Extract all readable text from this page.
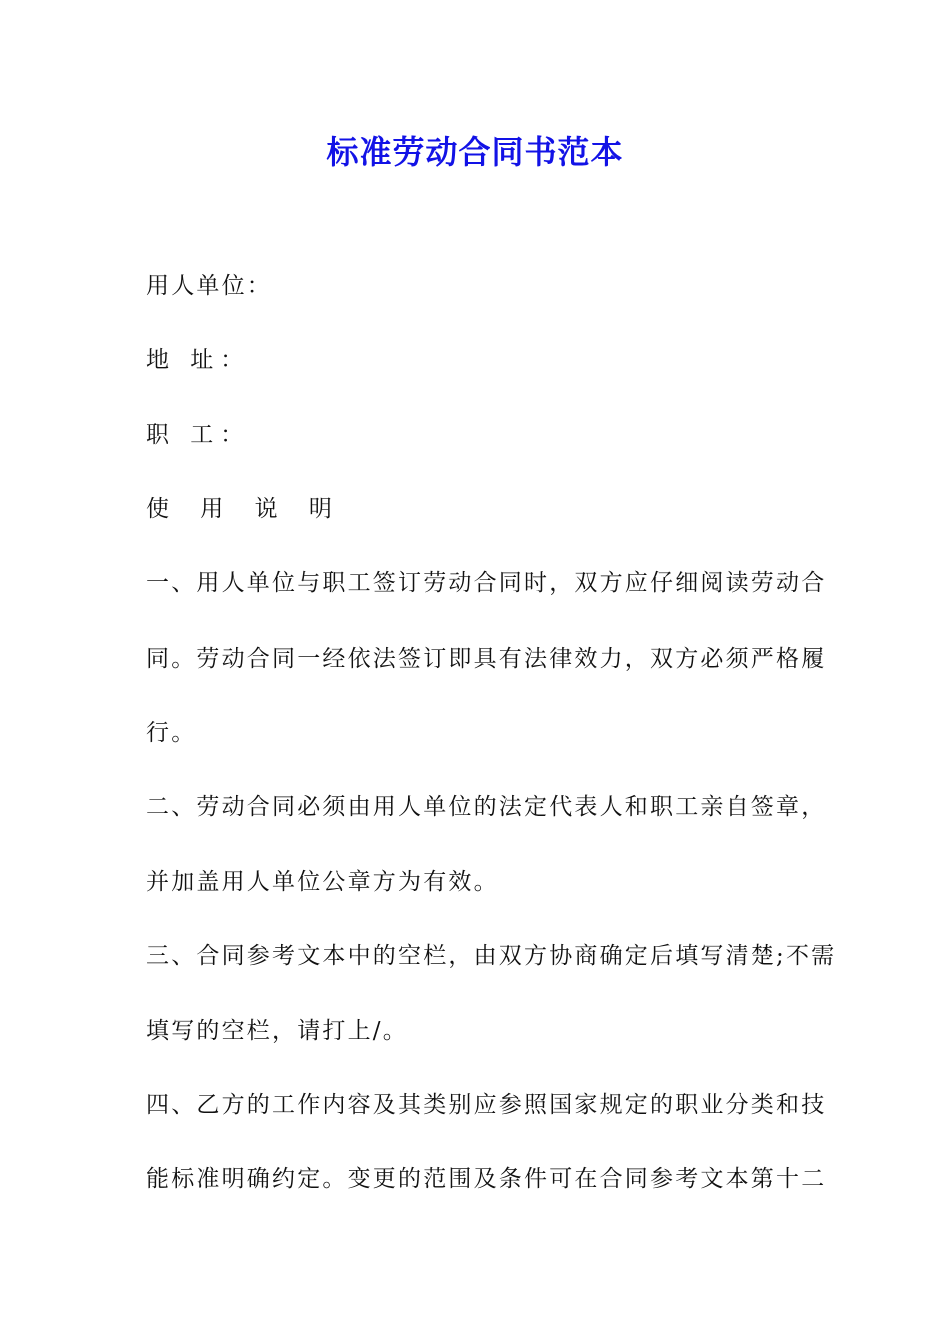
标准劳动合同书范本
用人单位：
地 址：
职 工：
使 用 说 明
一、用人单位与职工签订劳动合同时，双方应仔细阅读劳动合
同。劳动合同一经依法签订即具有法律效力，双方必须严格履
行。
二、劳动合同必须由用人单位的法定代表人和职工亲自签章，
并加盖用人单位公章方为有效。
三、合同参考文本中的空栏，由双方协商确定后填写清楚;不需
填写的空栏，请打上/。
四、乙方的工作内容及其类别应参照国家规定的职业分类和技
能标准明确约定。变更的范围及条件可在合同参考文本第十二
